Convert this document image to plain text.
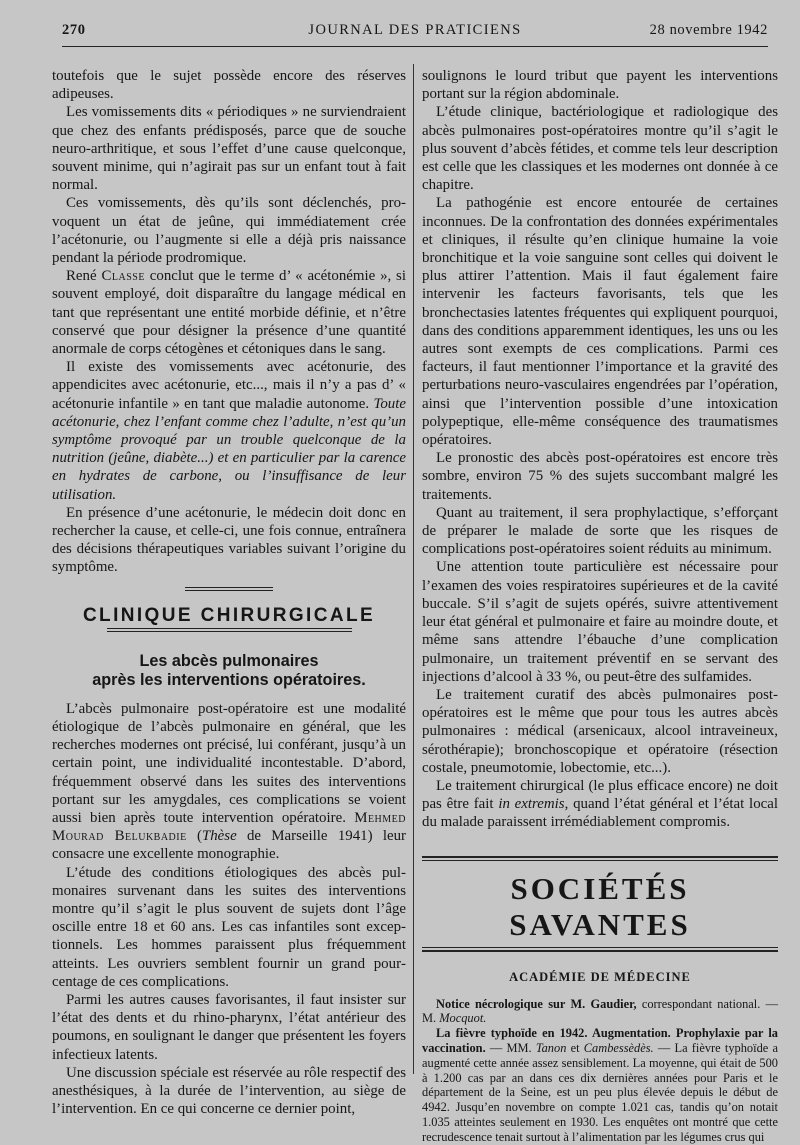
270	JOURNAL DES PRATICIENS	28 novembre 1942

toutefois que le sujet possède encore des réserves adipeuses.

Les vomissements dits « périodiques » ne surviendraient que chez des enfants prédisposés, parce que de souche neuro-arthritique, et sous l’effet d’une cause quelconque, souvent minime, qui n’agirait pas sur un enfant tout à fait normal.

Ces vomissements, dès qu’ils sont déclenchés, provoquent un état de jeûne, qui immédiatement crée l’acétonurie, ou l’augmente si elle a déjà pris naissance pendant la période prodromique.

René Classe conclut que le terme d’ « acétonémie », si souvent employé, doit disparaître du langage médical en tant que représentant une entité morbide définie, et n’être conservé que pour désigner la présence d’une quantité anormale de corps cétogènes et cétoniques dans le sang.

Il existe des vomissements avec acétonurie, des appendicites avec acétonurie, etc..., mais il n’y a pas d’ « acétonurie infantile » en tant que maladie autonome. Toute acétonurie, chez l’enfant comme chez l’adulte, n’est qu’un symptôme provoqué par un trouble quelconque de la nutrition (jeûne, diabète...) et en particulier par la carence en hydrates de carbone, ou l’insuffisance de leur utilisation.

En présence d’une acétonurie, le médecin doit donc en rechercher la cause, et celle-ci, une fois connue, entraînera des décisions thérapeutiques variables suivant l’origine du symptôme.

CLINIQUE CHIRURGICALE
Les abcès pulmonaires
après les interventions opératoires.

L’abcès pulmonaire post-opératoire est une modalité étiologique de l’abcès pulmonaire en général, que les recherches modernes ont précisé, lui conférant, jusqu’à un certain point, une individualité incontestable. D’abord, fréquemment observé dans les suites des interventions portant sur les amygdales, ces complications se voient aussi bien après toute intervention opératoire. Mehmed Mourad Belukbadie (Thèse de Marseille 1941) leur consacre une excellente monographie.

L’étude des conditions étiologiques des abcès pulmonaires survenant dans les suites des interventions montre qu’il s’agit le plus souvent de sujets dont l’âge oscille entre 18 et 60 ans. Les cas infantiles sont exceptionnels. Les hommes paraissent plus fréquemment atteints. Les ouvriers semblent fournir un grand pourcentage de ces complications.

Parmi les autres causes favorisantes, il faut insister sur l’état des dents et du rhino-pharynx, l’état antérieur des poumons, en soulignant le danger que présentent les foyers infectieux latents.

Une discussion spéciale est réservée au rôle respectif des anesthésiques, à la durée de l’intervention, au siège de l’intervention. En ce qui concerne ce dernier point,

soulignons le lourd tribut que payent les interventions portant sur la région abdominale.

L’étude clinique, bactériologique et radiologique des abcès pulmonaires post-opératoires montre qu’il s’agit le plus souvent d’abcès fétides, et comme tels leur description est celle que les classiques et les modernes ont donnée à ce chapitre.

La pathogénie est encore entourée de certaines inconnues. De la confrontation des données expérimentales et cliniques, il résulte qu’en clinique humaine la voie bronchitique et la voie sanguine sont celles qui doivent le plus attirer l’attention. Mais il faut également faire intervenir les facteurs favorisants, tels que les bronchectasies latentes fréquentes qui expliquent pourquoi, dans des conditions apparemment identiques, les uns ou les autres sont exempts de ces complications. Parmi ces facteurs, il faut mentionner l’importance et la gravité des perturbations neuro-vasculaires engendrées par l’opération, ainsi que l’intervention possible d’une intoxication polypeptique, elle-même conséquence des traumatismes opératoires.

Le pronostic des abcès post-opératoires est encore très sombre, environ 75 % des sujets succombant malgré les traitements.

Quant au traitement, il sera prophylactique, s’efforçant de préparer le malade de sorte que les risques de complications post-opératoires soient réduits au minimum.

Une attention toute particulière est nécessaire pour l’examen des voies respiratoires supérieures et de la cavité buccale. S’il s’agit de sujets opérés, suivre attentivement leur état général et pulmonaire et faire au moindre doute, et même sans attendre l’ébauche d’une complication pulmonaire, un traitement préventif en se servant des injections d’alcool à 33 %, ou peut-être des sulfamides.

Le traitement curatif des abcès pulmonaires post-opératoires est le même que pour tous les autres abcès pulmonaires : médical (arsenicaux, alcool intraveineux, sérothérapie); bronchoscopique et opératoire (résection costale, pneumotomie, lobectomie, etc...).

Le traitement chirurgical (le plus efficace encore) ne doit pas être fait in extremis, quand l’état général et l’état local du malade paraissent irrémédiablement compromis.

SOCIÉTÉS SAVANTES
ACADÉMIE DE MÉDECINE

Notice nécrologique sur M. Gaudier, correspondant national. — M. Mocquot.

La fièvre typhoïde en 1942. Augmentation. Prophylaxie par la vaccination. — MM. Tanon et Cambessèdès. — La fièvre typhoïde a augmenté cette année assez sensiblement. La moyenne, qui était de 500 à 1.200 cas par an dans ces dix dernières années pour Paris et le département de la Seine, est un peu plus élevée depuis le début de 4942. Jusqu’en novembre on compte 1.021 cas, tandis qu’on notait 1.035 atteintes seulement en 1930. Les enquêtes ont montré que cette recrudescence tenait surtout à l’alimentation par les légumes crus qui
